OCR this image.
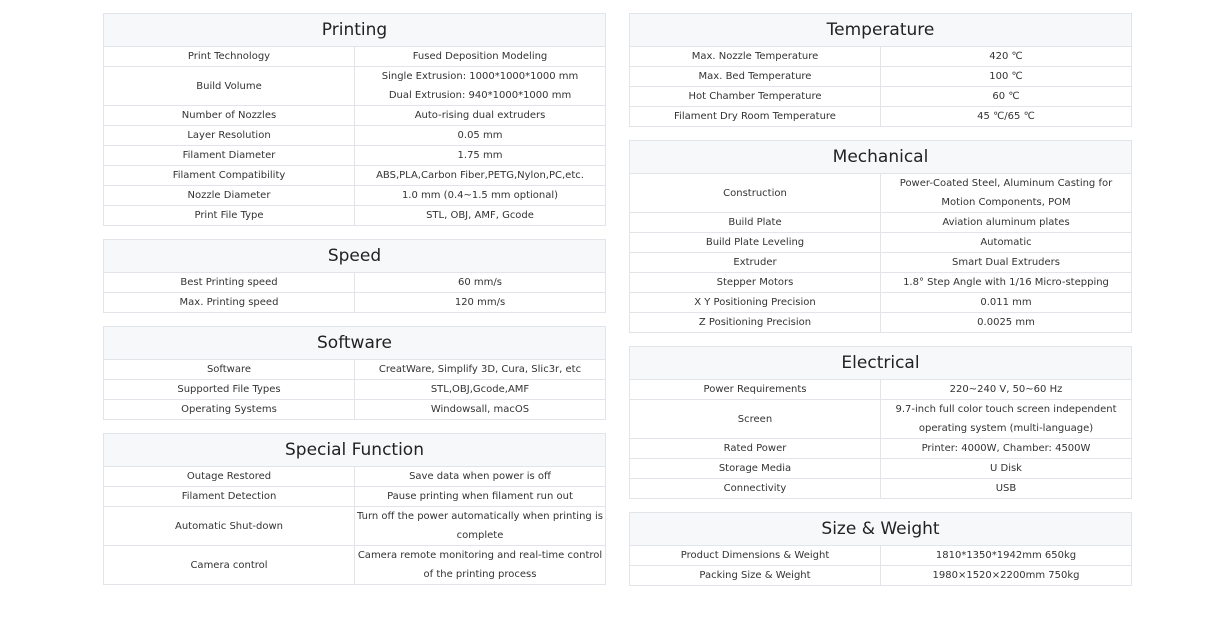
Printing	
Print Technology	Fused Deposition Modeling

Build Volume	Single Extrusion: 1000*1000*1000 mm
Dual Extrusion: 940*1000*1000 mm

Number of Nozzles	Auto-rising dual extruders

Layer Resolution	0.05 mm

Filament Diameter	1.75 mm

Filament Compatibility	ABS,PLA,Carbon Fiber,PETG,Nylon,PC,etc.

Nozzle Diameter	1.0 mm (0.4~1.5 mm optional)

Print File Type	STL, OBJ, AMF, Gcode
Speed	
Best Printing speed	60 mm/s

Max. Printing speed	120 mm/s
Software	
Software	CreatWare, Simplify 3D, Cura, Slic3r, etc

Supported File Types	STL,OBJ,Gcode,AMF

Operating Systems	Windowsall, macOS
Special Function	
Outage Restored	Save data when power is off

Filament Detection	Pause printing when filament run out

Automatic Shut-down	Turn off the power automatically when printing is complete

Camera control	Camera remote monitoring and real-time control of the printing process
Temperature	
Max. Nozzle Temperature	420 ℃

Max. Bed Temperature	100 ℃

Hot Chamber Temperature	60 ℃

Filament Dry Room Temperature	45 ℃/65 ℃
Mechanical	
Construction	Power-Coated Steel, Aluminum Casting for Motion Components, POM

Build Plate	Aviation aluminum plates

Build Plate Leveling	Automatic

Extruder	Smart Dual Extruders

Stepper Motors	1.8° Step Angle with 1/16 Micro-stepping

X Y Positioning Precision	0.011 mm

Z Positioning Precision	0.0025 mm
Electrical	
Power Requirements	220~240 V, 50~60 Hz

Screen	9.7-inch full color touch screen independent operating system (multi-language)

Rated Power	Printer: 4000W, Chamber: 4500W

Storage Media	U Disk

Connectivity	USB
Size & Weight	
Product Dimensions & Weight	1810*1350*1942mm 650kg

Packing Size & Weight	1980×1520×2200mm 750kg
